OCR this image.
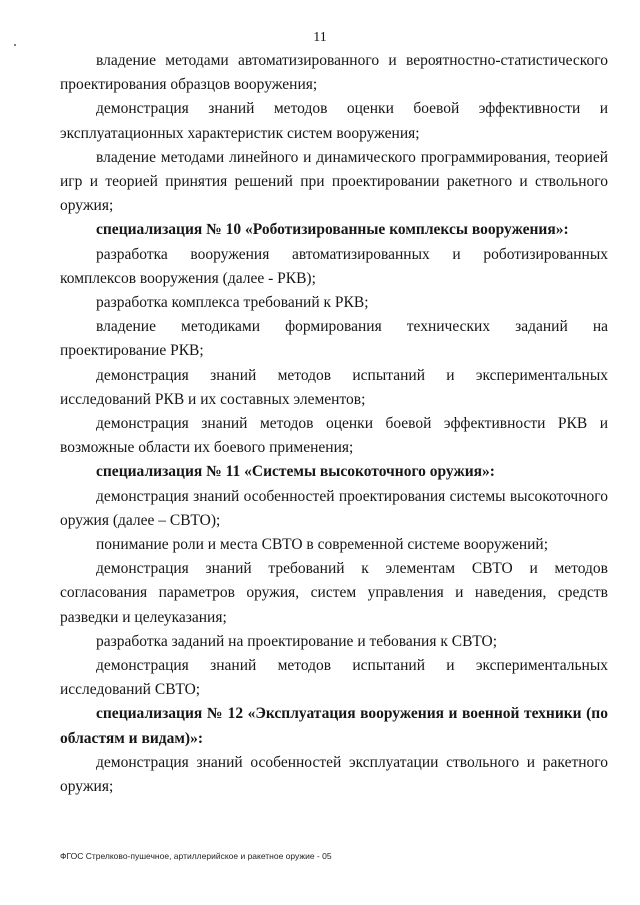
11

владение методами автоматизированного и вероятностно-статистического проектирования образцов вооружения;

демонстрация знаний методов оценки боевой эффективности и эксплуатационных характеристик систем вооружения;

владение методами линейного и динамического программирования, теорией игр и теорией принятия решений при проектировании ракетного и ствольного оружия;

специализация № 10 «Роботизированные комплексы вооружения»:

разработка вооружения автоматизированных и роботизированных комплексов вооружения (далее - РКВ);

разработка комплекса требований к РКВ;

владение методиками формирования технических заданий на проектирование РКВ;

демонстрация знаний методов испытаний и экспериментальных исследований РКВ и их составных элементов;

демонстрация знаний методов оценки боевой эффективности РКВ и возможные области их боевого применения;

специализация № 11 «Системы высокоточного оружия»:

демонстрация знаний особенностей проектирования системы высокоточного оружия (далее – СВТО);

понимание роли и места СВТО в современной системе вооружений;

демонстрация знаний требований к элементам СВТО и методов согласования параметров оружия, систем управления и наведения, средств разведки и целеуказания;

разработка заданий на проектирование и тебования к СВТО;

демонстрация знаний методов испытаний и экспериментальных исследований СВТО;

специализация № 12 «Эксплуатация вооружения и военной техники (по областям и видам)»:

демонстрация знаний особенностей эксплуатации ствольного и ракетного оружия;

ФГОС Стрелково-пушечное, артиллерийское и ракетное оружие - 05
